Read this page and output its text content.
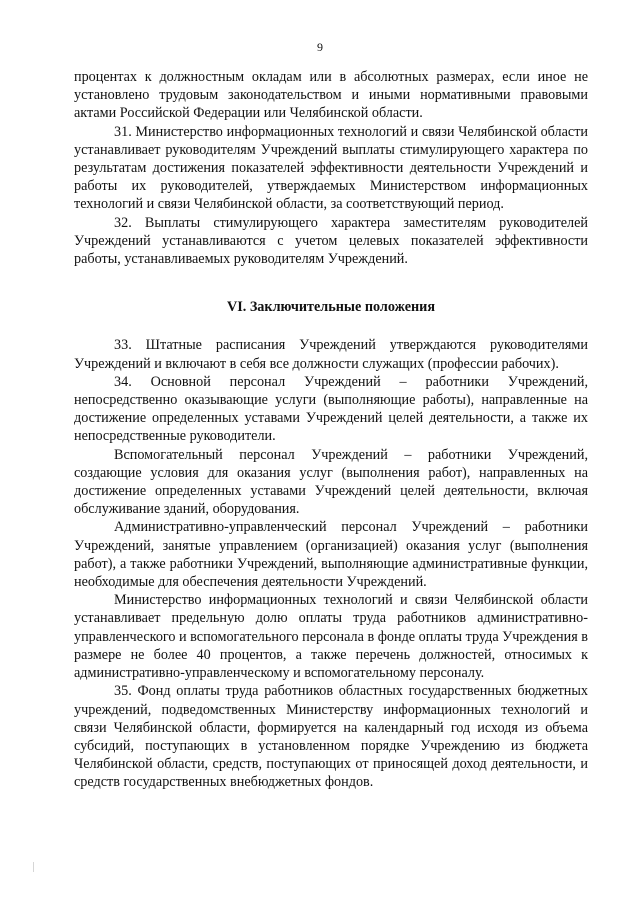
9

процентах к должностным окладам или в абсолютных размерах, если иное не установлено трудовым законодательством и иными нормативными правовыми актами Российской Федерации или Челябинской области.

31. Министерство информационных технологий и связи Челябинской области устанавливает руководителям Учреждений выплаты стимулирующего характера по результатам достижения показателей эффективности деятельности Учреждений и работы их руководителей, утверждаемых Министерством информационных технологий и связи Челябинской области, за соответствующий период.

32. Выплаты стимулирующего характера заместителям руководителей Учреждений устанавливаются с учетом целевых показателей эффективности работы, устанавливаемых руководителям Учреждений.

VI. Заключительные положения

33. Штатные расписания Учреждений утверждаются руководителями Учреждений и включают в себя все должности служащих (профессии рабочих).

34. Основной персонал Учреждений – работники Учреждений, непосредственно оказывающие услуги (выполняющие работы), направленные на достижение определенных уставами Учреждений целей деятельности, а также их непосредственные руководители.

Вспомогательный персонал Учреждений – работники Учреждений, создающие условия для оказания услуг (выполнения работ), направленных на достижение определенных уставами Учреждений целей деятельности, включая обслуживание зданий, оборудования.

Административно-управленческий персонал Учреждений – работники Учреждений, занятые управлением (организацией) оказания услуг (выполнения работ), а также работники Учреждений, выполняющие административные функции, необходимые для обеспечения деятельности Учреждений.

Министерство информационных технологий и связи Челябинской области устанавливает предельную долю оплаты труда работников административно-управленческого и вспомогательного персонала в фонде оплаты труда Учреждения в размере не более 40 процентов, а также перечень должностей, относимых к административно-управленческому и вспомогательному персоналу.

35. Фонд оплаты труда работников областных государственных бюджетных учреждений, подведомственных Министерству информационных технологий и связи Челябинской области, формируется на календарный год исходя из объема субсидий, поступающих в установленном порядке Учреждению из бюджета Челябинской области, средств, поступающих от приносящей доход деятельности, и средств государственных внебюджетных фондов.
